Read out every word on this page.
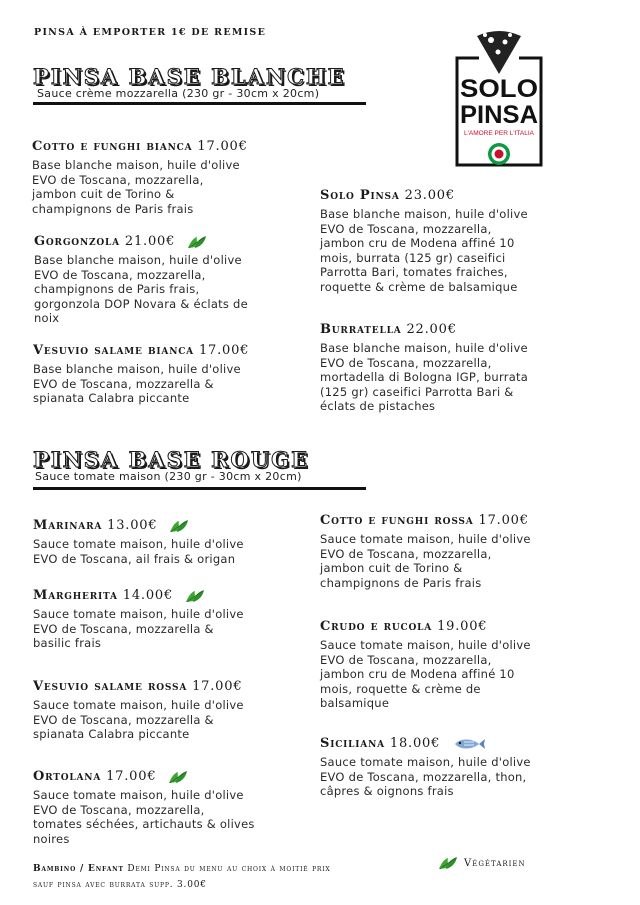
PINSA À EMPORTER 1€ DE REMISE
SOLO
PINSA
L'AMORE PER L'ITALIA
PINSA BASE BLANCHE
Sauce crème mozzarella (230 gr - 30cm x 20cm)
Cotto e funghi bianca 17.00€
Base blanche maison, huile d'olive
EVO de Toscana, mozzarella,
jambon cuit de Torino &
champignons de Paris frais
Gorgonzola 21.00€
Base blanche maison, huile d'olive
EVO de Toscana, mozzarella,
champignons de Paris frais,
gorgonzola DOP Novara & éclats de
noix
Vesuvio salame bianca 17.00€
Base blanche maison, huile d'olive
EVO de Toscana, mozzarella &
spianata Calabra piccante
Solo Pinsa 23.00€
Base blanche maison, huile d'olive
EVO de Toscana, mozzarella,
jambon cru de Modena affiné 10
mois, burrata (125 gr) caseifici
Parrotta Bari, tomates fraiches,
roquette & crème de balsamique
Burratella 22.00€
Base blanche maison, huile d'olive
EVO de Toscana, mozzarella,
mortadella di Bologna IGP, burrata
(125 gr) caseifici Parrotta Bari &
éclats de pistaches
PINSA BASE ROUGE
Sauce tomate maison (230 gr - 30cm x 20cm)
Marinara 13.00€
Sauce tomate maison, huile d'olive
EVO de Toscana, ail frais & origan
Margherita 14.00€
Sauce tomate maison, huile d'olive
EVO de Toscana, mozzarella &
basilic frais
Vesuvio salame rossa 17.00€
Sauce tomate maison, huile d'olive
EVO de Toscana, mozzarella &
spianata Calabra piccante
Ortolana 17.00€
Sauce tomate maison, huile d'olive
EVO de Toscana, mozzarella,
tomates séchées, artichauts & olives
noires
Cotto e funghi rossa 17.00€
Sauce tomate maison, huile d'olive
EVO de Toscana, mozzarella,
jambon cuit de Torino &
champignons de Paris frais
Crudo e rucola 19.00€
Sauce tomate maison, huile d'olive
EVO de Toscana, mozzarella,
jambon cru de Modena affiné 10
mois, roquette & crème de
balsamique
Siciliana 18.00€
Sauce tomate maison, huile d'olive
EVO de Toscana, mozzarella, thon,
câpres & oignons frais
Bambino / Enfant Demi Pinsa du menu au choix à moitié prix
sauf pinsa avec burrata supp. 3.00€
Végétarien
